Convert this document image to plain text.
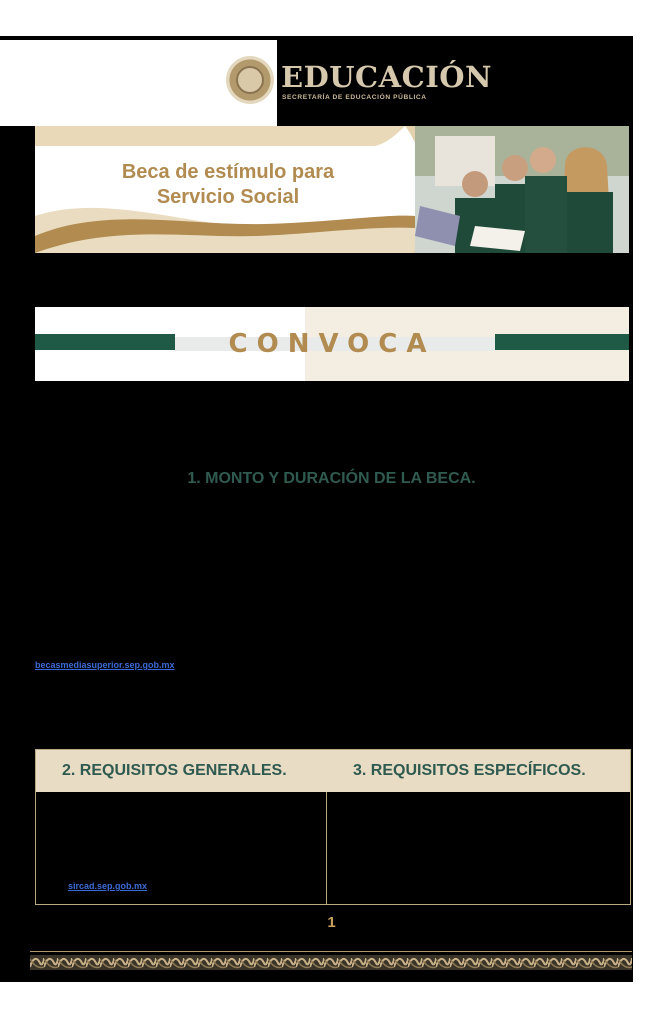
EDUCACIÓN
SECRETARÍA DE EDUCACIÓN PÚBLICA
Beca de estímulo para
Servicio Social
CONVOCA
1. MONTO Y DURACIÓN DE LA BECA.
becasmediasuperior.sep.gob.mx
2. REQUISITOS GENERALES.	3. REQUISITOS ESPECÍFICOS.
sircad.sep.gob.mx
1
